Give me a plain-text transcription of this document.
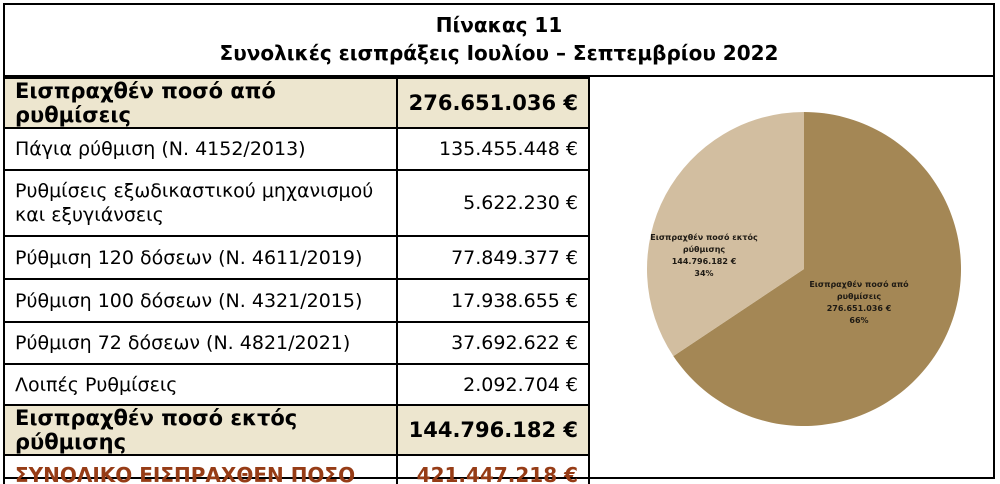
Πίνακας 11
Συνολικές εισπράξεις Ιουλίου – Σεπτεμβρίου 2022
Εισπραχθέν ποσό από ρυθμίσεις	276.651.036 €
Πάγια ρύθμιση (Ν. 4152/2013)	135.455.448 €
Ρυθμίσεις εξωδικαστικού μηχανισμού και εξυγιάνσεις	5.622.230 €
Ρύθμιση 120 δόσεων (Ν. 4611/2019)	77.849.377 €
Ρύθμιση 100 δόσεων (Ν. 4321/2015)	17.938.655 €
Ρύθμιση 72 δόσεων (Ν. 4821/2021)	37.692.622 €
Λοιπές Ρυθμίσεις	2.092.704 €
Εισπραχθέν ποσό εκτός ρύθμισης	144.796.182 €
ΣΥΝΟΛΙΚΟ ΕΙΣΠΡΑΧΘΕΝ ΠΟΣΟ	421.447.218 €
Εισπραχθέν ποσό από ρυθμίσεις 276.651.036 € 66%
Εισπραχθέν ποσό εκτός ρύθμισης 144.796.182 € 34%
